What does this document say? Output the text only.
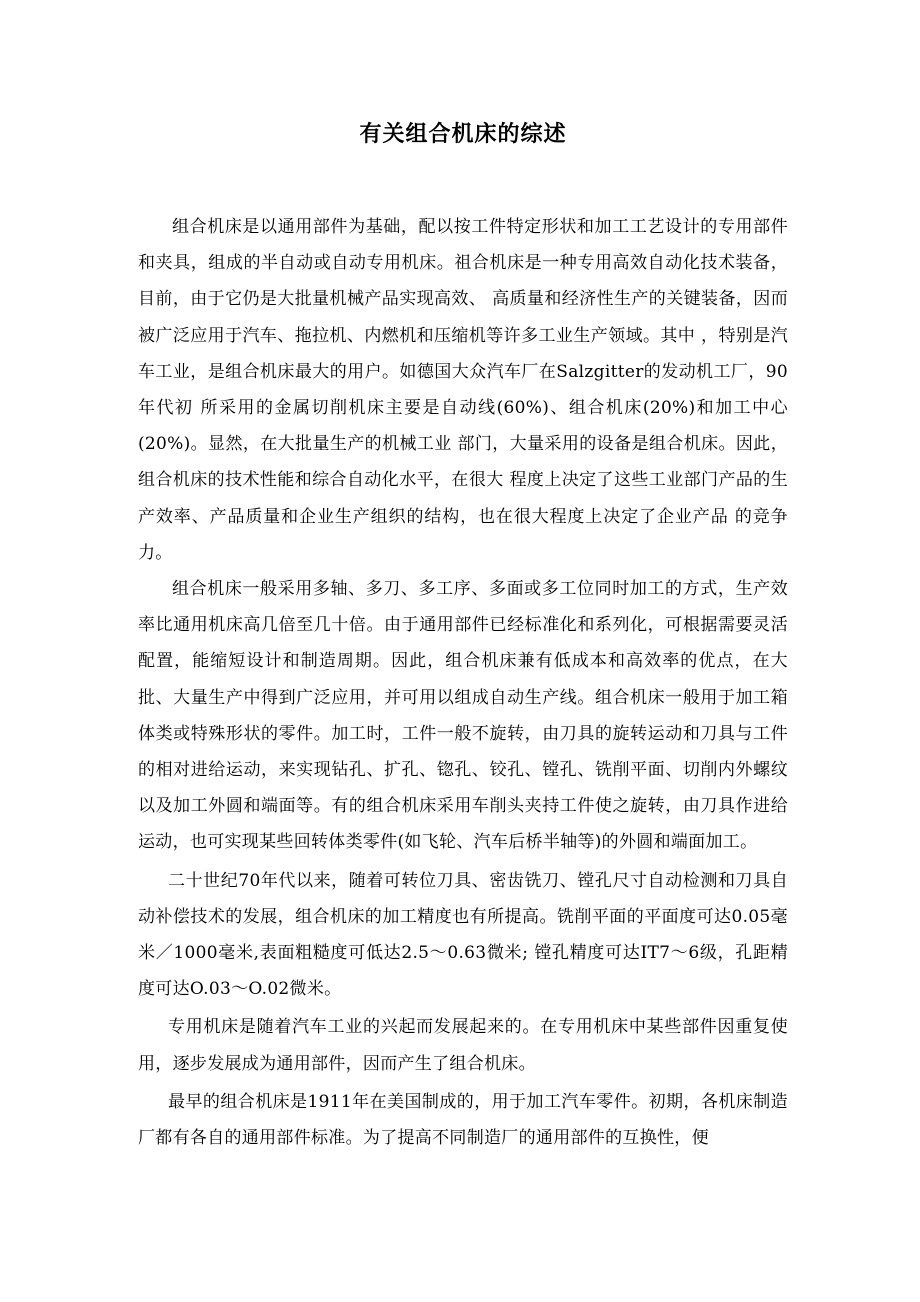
有关组合机床的综述

组合机床是以通用部件为基础，配以按工件特定形状和加工工艺设计的专用部件和夹具，组成的半自动或自动专用机床。祖合机床是一种专用高效自动化技术装备，目前，由于它仍是大批量机械产品实现高效、 高质量和经济性生产的关键装备，因而被广泛应用于汽车、拖拉机、内燃机和压缩机等许多工业生产领域。其中 ，特别是汽车工业，是组合机床最大的用户。如德国大众汽车厂在Salzgitter的发动机工厂，90年代初 所采用的金属切削机床主要是自动线(60%)、组合机床(20%)和加工中心(20%)。显然，在大批量生产的机械工业 部门，大量采用的设备是组合机床。因此，组合机床的技术性能和综合自动化水平，在很大 程度上决定了这些工业部门产品的生产效率、产品质量和企业生产组织的结构，也在很大程度上决定了企业产品 的竞争力。

组合机床一般采用多轴、多刀、多工序、多面或多工位同时加工的方式，生产效率比通用机床高几倍至几十倍。由于通用部件已经标准化和系列化，可根据需要灵活配置，能缩短设计和制造周期。因此，组合机床兼有低成本和高效率的优点，在大批、大量生产中得到广泛应用，并可用以组成自动生产线。组合机床一般用于加工箱体类或特殊形状的零件。加工时，工件一般不旋转，由刀具的旋转运动和刀具与工件的相对进给运动，来实现钻孔、扩孔、锪孔、铰孔、镗孔、铣削平面、切削内外螺纹以及加工外圆和端面等。有的组合机床采用车削头夹持工件使之旋转，由刀具作进给运动，也可实现某些回转体类零件(如飞轮、汽车后桥半轴等)的外圆和端面加工。

二十世纪70年代以来，随着可转位刀具、密齿铣刀、镗孔尺寸自动检测和刀具自动补偿技术的发展，组合机床的加工精度也有所提高。铣削平面的平面度可达0.05毫米／1000毫米,表面粗糙度可低达2.5～0.63微米; 镗孔精度可达IT7～6级，孔距精度可达O.03～O.02微米。

专用机床是随着汽车工业的兴起而发展起来的。在专用机床中某些部件因重复使用，逐步发展成为通用部件，因而产生了组合机床。

最早的组合机床是1911年在美国制成的，用于加工汽车零件。初期，各机床制造厂都有各自的通用部件标准。为了提高不同制造厂的通用部件的互换性，便
